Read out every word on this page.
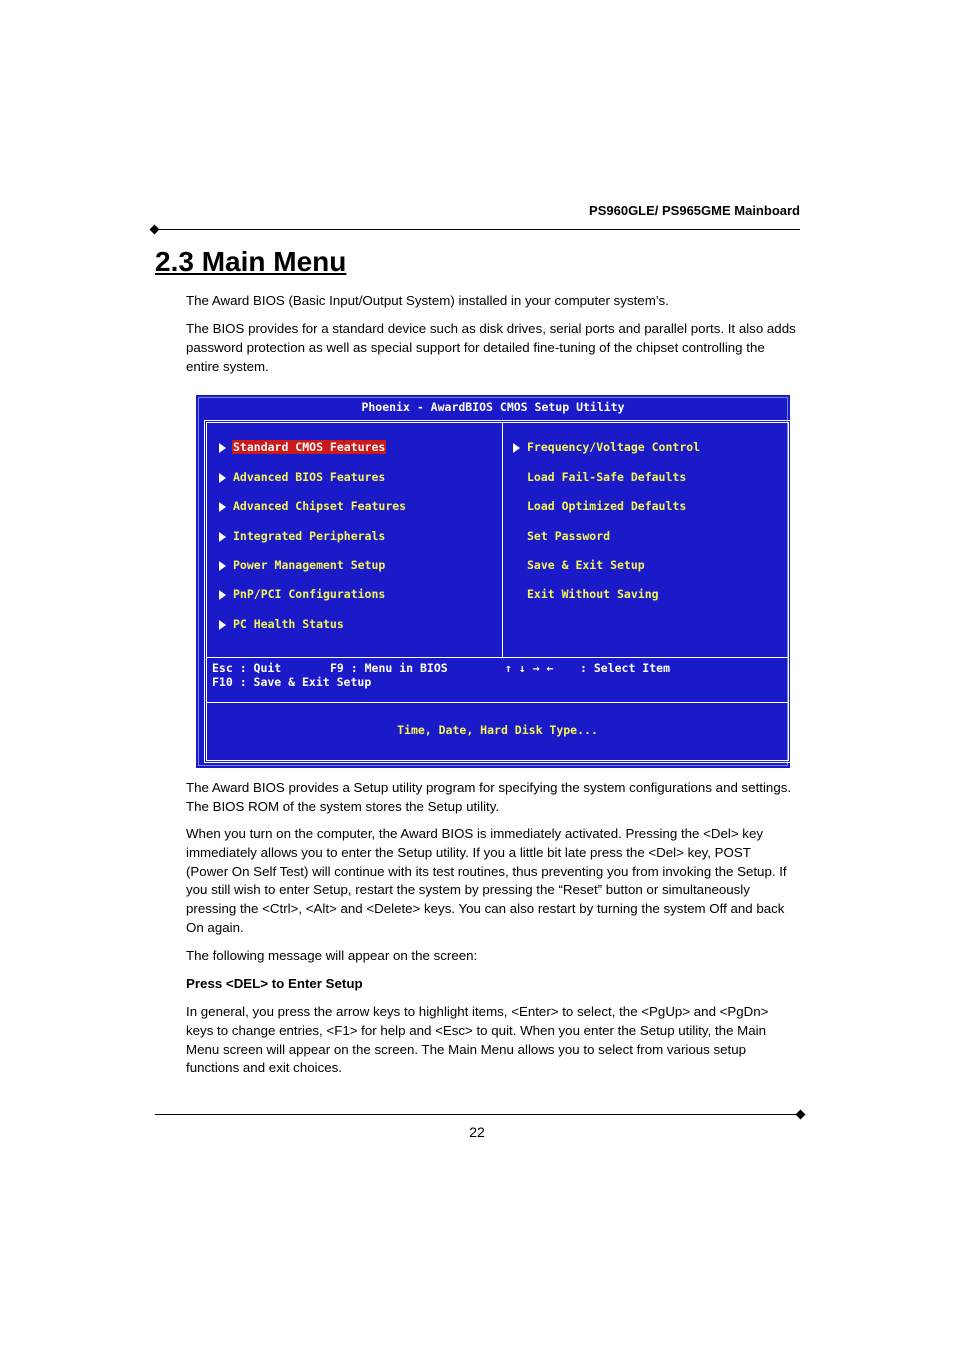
PS960GLE/ PS965GME Mainboard
2.3 Main Menu

The Award BIOS (Basic Input/Output System) installed in your computer system’s.

The BIOS provides for a standard device such as disk drives, serial ports and parallel ports. It also adds password protection as well as special support for detailed fine-tuning of the chipset controlling the entire system.

Phoenix - AwardBIOS CMOS Setup Utility
Standard CMOS Features
Advanced BIOS Features
Advanced Chipset Features
Integrated Peripherals
Power Management Setup
PnP/PCI Configurations
PC Health Status
Frequency/Voltage Control
Load Fail-Safe Defaults
Load Optimized Defaults
Set Password
Save & Exit Setup
Exit Without Saving
Esc : Quit	F9 : Menu in BIOS	↑ ↓ → ← : Select Item
F10 : Save & Exit Setup
Time, Date, Hard Disk Type...

The Award BIOS provides a Setup utility program for specifying the system configurations and settings. The BIOS ROM of the system stores the Setup utility.

When you turn on the computer, the Award BIOS is immediately activated. Pressing the <Del> key immediately allows you to enter the Setup utility. If you a little bit late press the <Del> key, POST (Power On Self Test) will continue with its test routines, thus preventing you from invoking the Setup. If you still wish to enter Setup, restart the system by pressing the “Reset” button or simultaneously pressing the <Ctrl>, <Alt> and <Delete> keys. You can also restart by turning the system Off and back On again.

The following message will appear on the screen:

Press <DEL> to Enter Setup

In general, you press the arrow keys to highlight items, <Enter> to select, the <PgUp> and <PgDn> keys to change entries, <F1> for help and <Esc> to quit. When you enter the Setup utility, the Main Menu screen will appear on the screen. The Main Menu allows you to select from various setup functions and exit choices.

22
